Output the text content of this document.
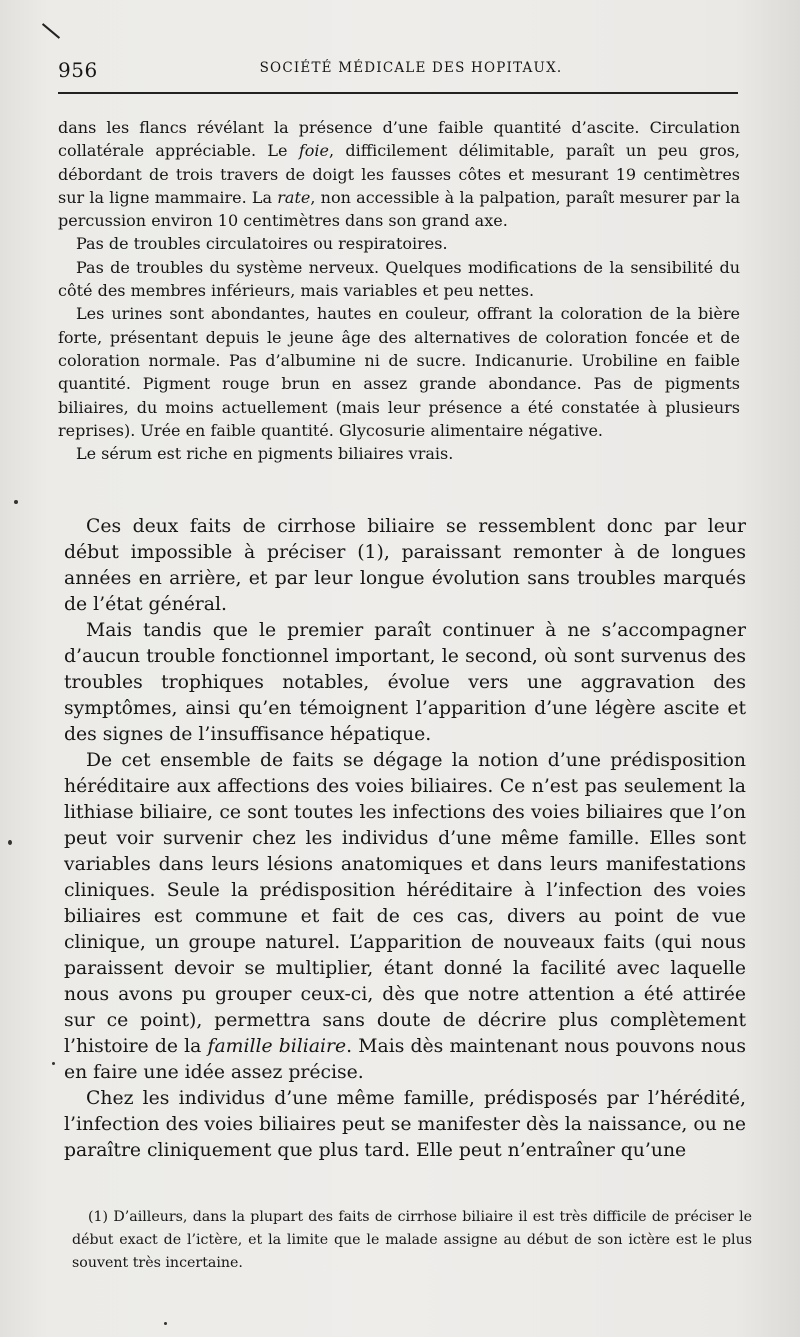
956	SOCIÉTÉ MÉDICALE DES HOPITAUX.

dans les flancs révélant la présence d’une faible quantité d’ascite. Circulation collatérale appréciable. Le foie, difficilement délimitable, paraît un peu gros, débordant de trois travers de doigt les fausses côtes et mesurant 19 centimètres sur la ligne mammaire. La rate, non accessible à la palpation, paraît mesurer par la percussion environ 10 centimètres dans son grand axe.

Pas de troubles circulatoires ou respiratoires.

Pas de troubles du système nerveux. Quelques modifications de la sensibilité du côté des membres inférieurs, mais variables et peu nettes.

Les urines sont abondantes, hautes en couleur, offrant la coloration de la bière forte, présentant depuis le jeune âge des alternatives de coloration foncée et de coloration normale. Pas d’albumine ni de sucre. Indicanurie. Urobiline en faible quantité. Pigment rouge brun en assez grande abondance. Pas de pigments biliaires, du moins actuellement (mais leur présence a été constatée à plusieurs reprises). Urée en faible quantité. Glycosurie alimentaire négative.

Le sérum est riche en pigments biliaires vrais.

Ces deux faits de cirrhose biliaire se ressemblent donc par leur début impossible à préciser (1), paraissant remonter à de longues années en arrière, et par leur longue évolution sans troubles marqués de l’état général.

Mais tandis que le premier paraît continuer à ne s’accompagner d’aucun trouble fonctionnel important, le second, où sont survenus des troubles trophiques notables, évolue vers une aggravation des symptômes, ainsi qu’en témoignent l’apparition d’une légère ascite et des signes de l’insuffisance hépatique.

De cet ensemble de faits se dégage la notion d’une prédisposition héréditaire aux affections des voies biliaires. Ce n’est pas seulement la lithiase biliaire, ce sont toutes les infections des voies biliaires que l’on peut voir survenir chez les individus d’une même famille. Elles sont variables dans leurs lésions anatomiques et dans leurs manifestations cliniques. Seule la prédisposition héréditaire à l’infection des voies biliaires est commune et fait de ces cas, divers au point de vue clinique, un groupe naturel. L’apparition de nouveaux faits (qui nous paraissent devoir se multiplier, étant donné la facilité avec laquelle nous avons pu grouper ceux-ci, dès que notre attention a été attirée sur ce point), permettra sans doute de décrire plus complètement l’histoire de la famille biliaire. Mais dès maintenant nous pouvons nous en faire une idée assez précise.

Chez les individus d’une même famille, prédisposés par l’hérédité, l’infection des voies biliaires peut se manifester dès la naissance, ou ne paraître cliniquement que plus tard. Elle peut n’entraîner qu’une

(1) D’ailleurs, dans la plupart des faits de cirrhose biliaire il est très difficile de préciser le début exact de l’ictère, et la limite que le malade assigne au début de son ictère est le plus souvent très incertaine.
